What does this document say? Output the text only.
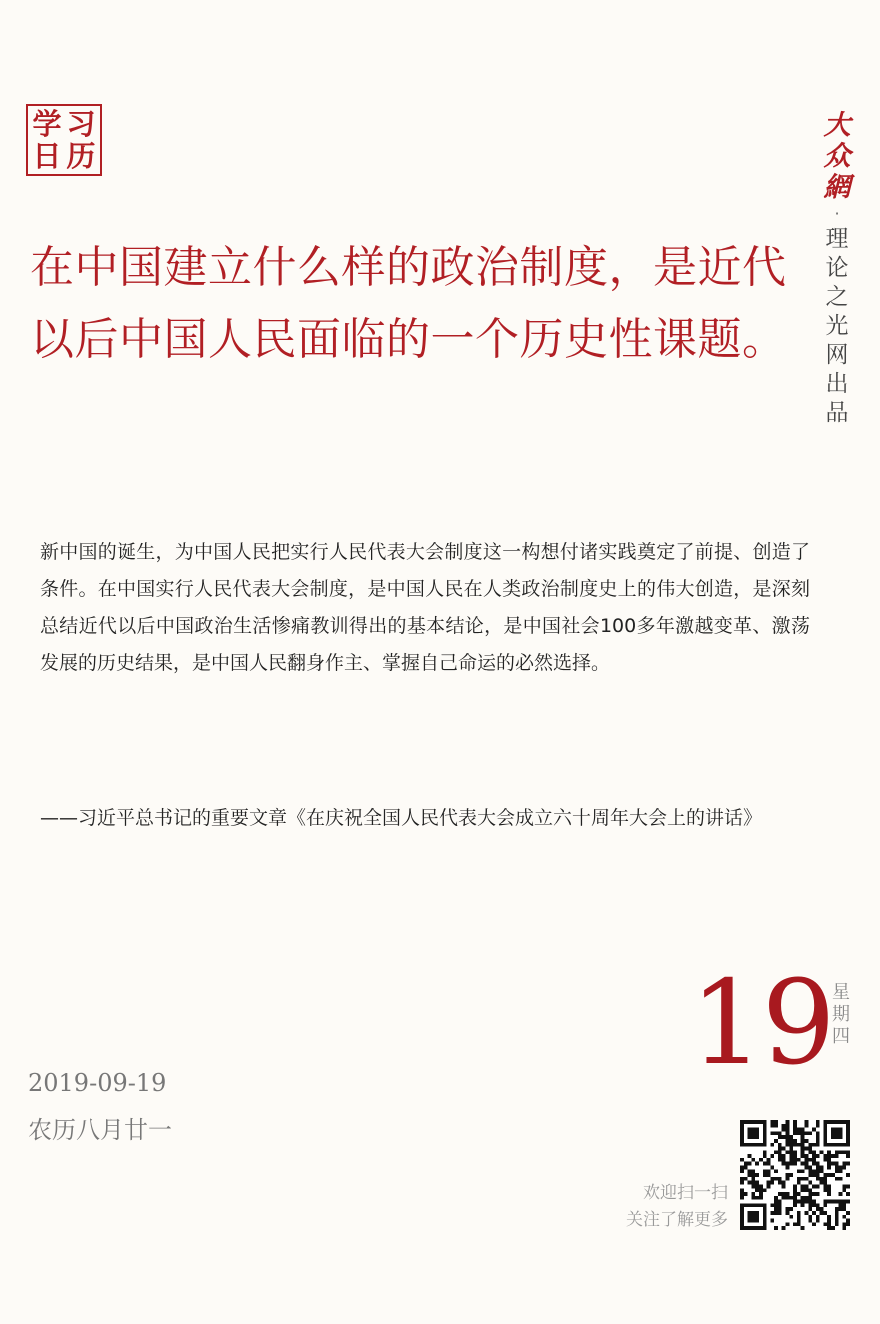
学 习
日 历
大
众
網
·
理
论
之
光
网
出
品
在中国建立什么样的政治制度，是近代以后中国人民面临的一个历史性课题。
新中国的诞生，为中国人民把实行人民代表大会制度这一构想付诸实践奠定了前提、创造了条件。在中国实行人民代表大会制度，是中国人民在人类政治制度史上的伟大创造，是深刻总结近代以后中国政治生活惨痛教训得出的基本结论，是中国社会100多年激越变革、激荡发展的历史结果，是中国人民翻身作主、掌握自己命运的必然选择。
——习近平总书记的重要文章《在庆祝全国人民代表大会成立六十周年大会上的讲话》
19
星
期
四
2019-09-19
农历八月廿一
欢迎扫一扫
关注了解更多
